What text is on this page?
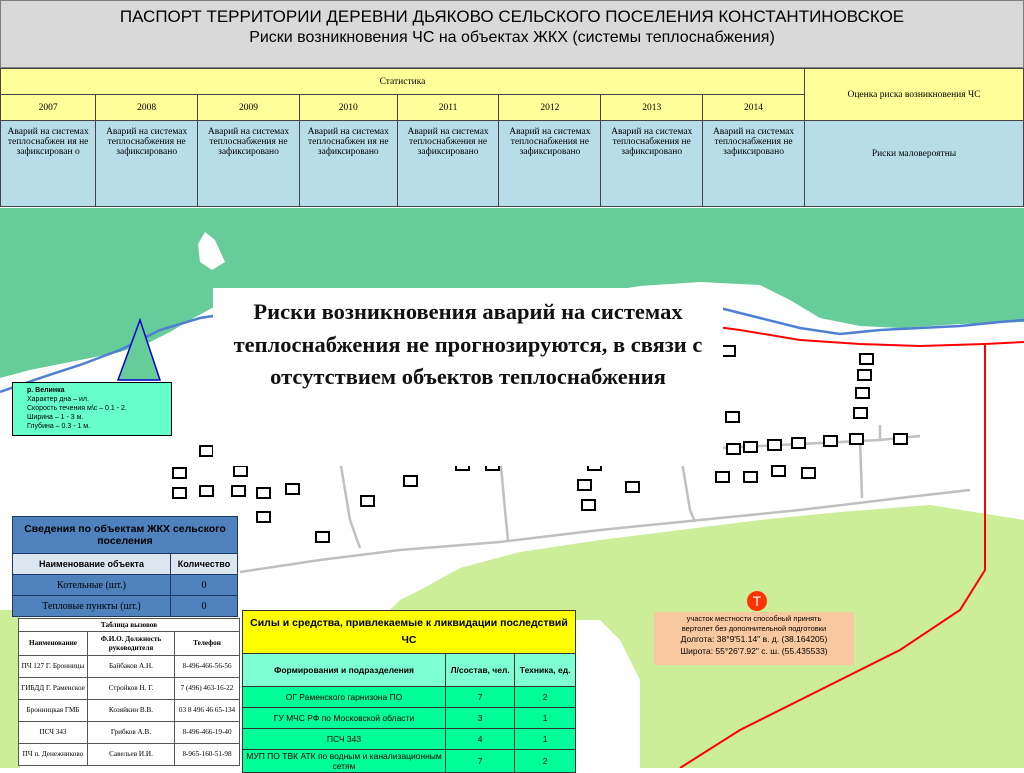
ПАСПОРТ ТЕРРИТОРИИ ДЕРЕВНИ ДЬЯКОВО СЕЛЬСКОГО ПОСЕЛЕНИЯ КОНСТАНТИНОВСКОЕ
Риски возникновения ЧС на объектах ЖКХ (системы теплоснабжения)
Статистика								Оценка риска возникновения ЧС
2007	2008	2009	2010	2011	2012	2013	2014	
Аварий на системах теплоснабжен ия не зафиксирован о	Аварий на системах теплоснабжения не зафиксировано	Аварий на системах теплоснабжения не зафиксировано	Аварий на системах теплоснабжен ия не зафиксировано	Аварий на системах теплоснабжения не зафиксировано	Аварий на системах теплоснабжения не зафиксировано	Аварий на системах теплоснабжения не зафиксировано	Аварий на системах теплоснабжения не зафиксировано	Риски маловероятны
Риски возникновения аварий на системах теплоснабжения не прогнозируются, в связи с отсутствием объектов теплоснабжения
р. Велинка
Характер дна – ил.
Скорость течения м\с – 0.1 - 2.
Ширина – 1 - 3 м.
Глубина – 0.3 - 1 м.
Сведения по объектам ЖКХ сельского поселения	
Наименование объекта	Количество
Котельные (шт.)	0
Тепловые пункты (шт.)	0
Таблица вызовов		
Наименование	Ф.И.О. Должность руководителя	Телефон
ПЧ 127 Г. Бронницы	Байбаков А.Н.	8-496-466-56-56
ГИБДД Г. Раменское	Стройков Н. Г.	7 (496) 463-16-22
Бронницкая ГМБ	Козяйкин В.В.	03 8 496 46 65-134
ПСЧ 343	Грибков А.В.	8-496-466-19-40
ПЧ п. Денежниково	Савельев И.И.	8-965-160-51-98
Силы и средства, привлекаемые к ликвидации последствий ЧС		
Формирования и подразделения	Л/состав, чел.	Техника, ед.
ОГ Раменского гарнизона ПО	7	2
ГУ МЧС РФ по Московской области	3	1
ПСЧ 343	4	1
МУП ПО ТВК АТК по водным и канализационным сетям	7	2
Т
участок местности способный принять
вертолет без дополнительной подготовки
Долгота: 38°9'51.14" в. д. (38.164205)
Широта: 55°26'7.92" с. ш. (55.435533)
